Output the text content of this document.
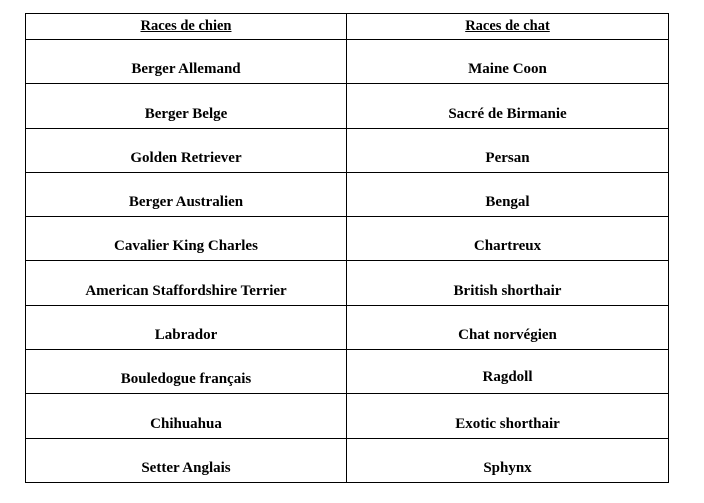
Races de chien	Races de chat
Berger Allemand	Maine Coon
Berger Belge	Sacré de Birmanie
Golden Retriever	Persan
Berger Australien	Bengal
Cavalier King Charles	Chartreux
American Staffordshire Terrier	British shorthair
Labrador	Chat norvégien
Bouledogue français	Ragdoll
Chihuahua	Exotic shorthair
Setter Anglais	Sphynx
